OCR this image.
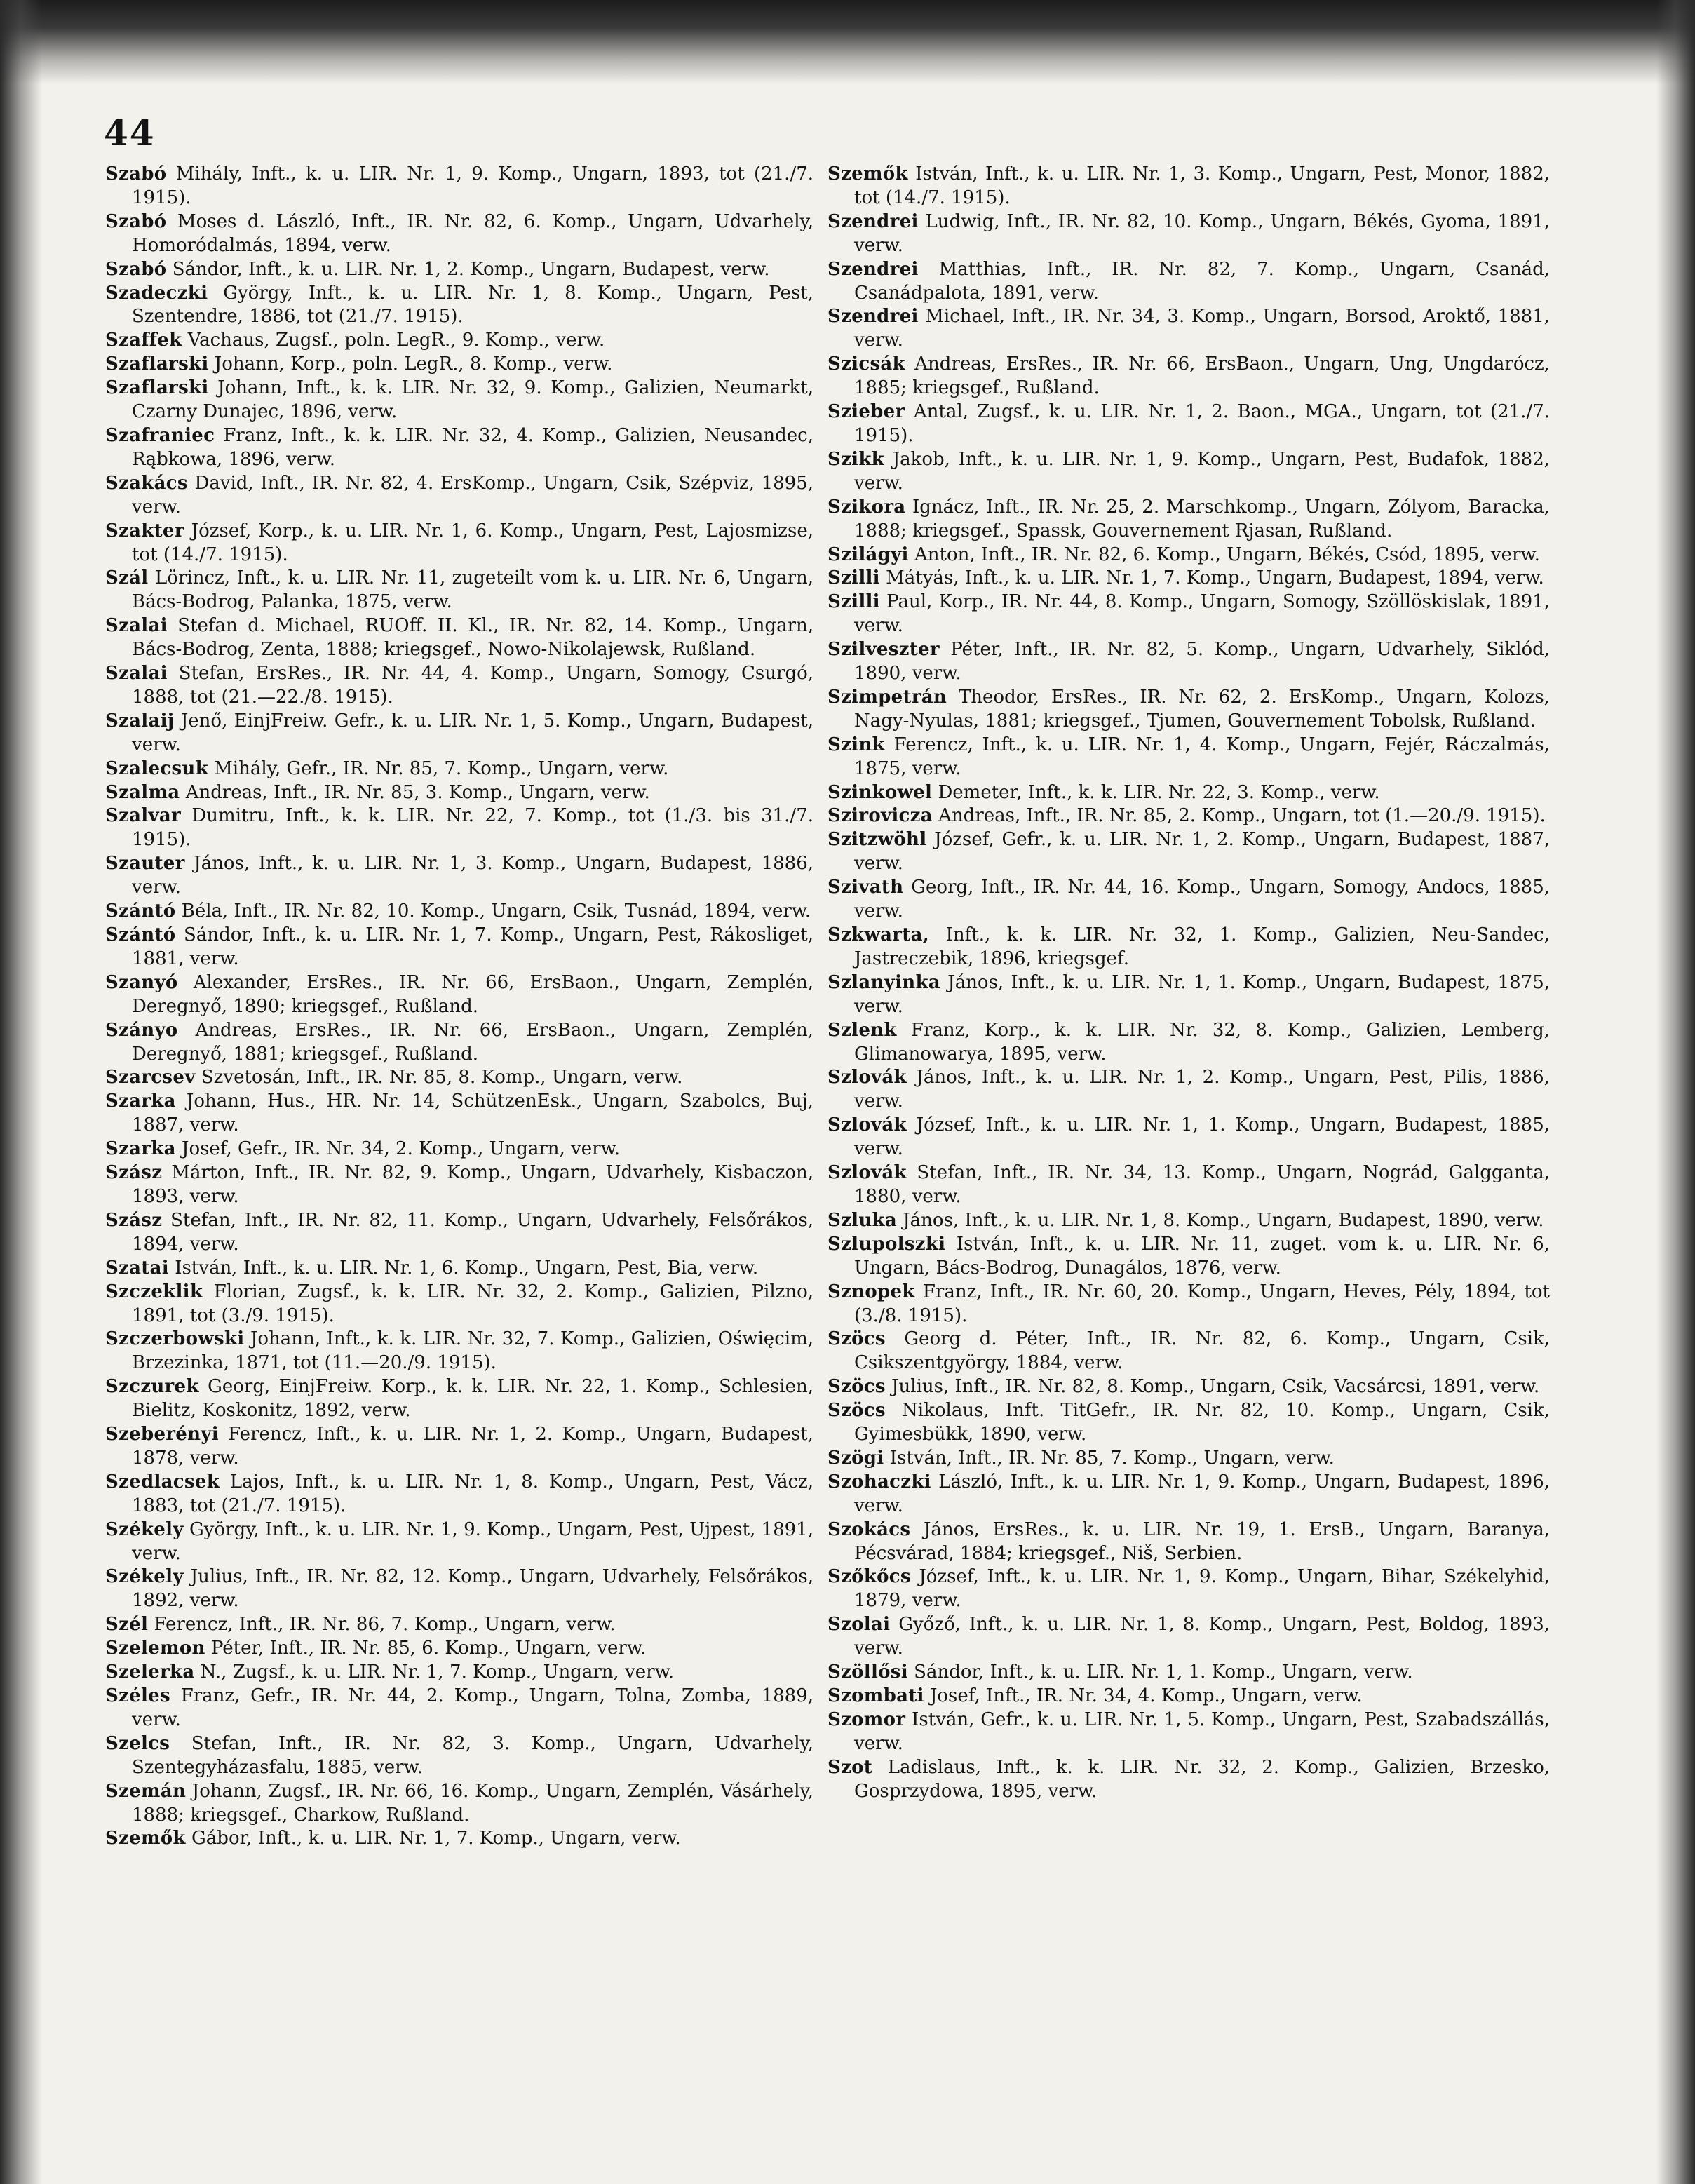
44

Szabó Mihály, Inft., k. u. LIR. Nr. 1, 9. Komp., Ungarn, 1893, tot (21./7. 1915).

Szabó Moses d. László, Inft., IR. Nr. 82, 6. Komp., Ungarn, Udvarhely, Homoródalmás, 1894, verw.

Szabó Sándor, Inft., k. u. LIR. Nr. 1, 2. Komp., Ungarn, Budapest, verw.

Szadeczki György, Inft., k. u. LIR. Nr. 1, 8. Komp., Ungarn, Pest, Szentendre, 1886, tot (21./7. 1915).

Szaffek Vachaus, Zugsf., poln. LegR., 9. Komp., verw.

Szaflarski Johann, Korp., poln. LegR., 8. Komp., verw.

Szaflarski Johann, Inft., k. k. LIR. Nr. 32, 9. Komp., Galizien, Neumarkt, Czarny Dunajec, 1896, verw.

Szafraniec Franz, Inft., k. k. LIR. Nr. 32, 4. Komp., Galizien, Neusandec, Rąbkowa, 1896, verw.

Szakács David, Inft., IR. Nr. 82, 4. ErsKomp., Ungarn, Csik, Szépviz, 1895, verw.

Szakter József, Korp., k. u. LIR. Nr. 1, 6. Komp., Ungarn, Pest, Lajosmizse, tot (14./7. 1915).

Szál Lörincz, Inft., k. u. LIR. Nr. 11, zugeteilt vom k. u. LIR. Nr. 6, Ungarn, Bács-Bodrog, Palanka, 1875, verw.

Szalai Stefan d. Michael, RUOff. II. Kl., IR. Nr. 82, 14. Komp., Ungarn, Bács-Bodrog, Zenta, 1888; kriegsgef., Nowo-Nikolajewsk, Rußland.

Szalai Stefan, ErsRes., IR. Nr. 44, 4. Komp., Ungarn, Somogy, Csurgó, 1888, tot (21.—22./8. 1915).

Szalaij Jenő, EinjFreiw. Gefr., k. u. LIR. Nr. 1, 5. Komp., Ungarn, Budapest, verw.

Szalecsuk Mihály, Gefr., IR. Nr. 85, 7. Komp., Ungarn, verw.

Szalma Andreas, Inft., IR. Nr. 85, 3. Komp., Ungarn, verw.

Szalvar Dumitru, Inft., k. k. LIR. Nr. 22, 7. Komp., tot (1./3. bis 31./7. 1915).

Szauter János, Inft., k. u. LIR. Nr. 1, 3. Komp., Ungarn, Budapest, 1886, verw.

Szántó Béla, Inft., IR. Nr. 82, 10. Komp., Ungarn, Csik, Tusnád, 1894, verw.

Szántó Sándor, Inft., k. u. LIR. Nr. 1, 7. Komp., Ungarn, Pest, Rákosliget, 1881, verw.

Szanyó Alexander, ErsRes., IR. Nr. 66, ErsBaon., Ungarn, Zemplén, Deregnyő, 1890; kriegsgef., Rußland.

Szányo Andreas, ErsRes., IR. Nr. 66, ErsBaon., Ungarn, Zemplén, Deregnyő, 1881; kriegsgef., Rußland.

Szarcsev Szvetosán, Inft., IR. Nr. 85, 8. Komp., Ungarn, verw.

Szarka Johann, Hus., HR. Nr. 14, SchützenEsk., Ungarn, Szabolcs, Buj, 1887, verw.

Szarka Josef, Gefr., IR. Nr. 34, 2. Komp., Ungarn, verw.

Szász Márton, Inft., IR. Nr. 82, 9. Komp., Ungarn, Udvarhely, Kisbaczon, 1893, verw.

Szász Stefan, Inft., IR. Nr. 82, 11. Komp., Ungarn, Udvarhely, Felsőrákos, 1894, verw.

Szatai István, Inft., k. u. LIR. Nr. 1, 6. Komp., Ungarn, Pest, Bia, verw.

Szczeklik Florian, Zugsf., k. k. LIR. Nr. 32, 2. Komp., Galizien, Pilzno, 1891, tot (3./9. 1915).

Szczerbowski Johann, Inft., k. k. LIR. Nr. 32, 7. Komp., Galizien, Oświęcim, Brzezinka, 1871, tot (11.—20./9. 1915).

Szczurek Georg, EinjFreiw. Korp., k. k. LIR. Nr. 22, 1. Komp., Schlesien, Bielitz, Koskonitz, 1892, verw.

Szeberényi Ferencz, Inft., k. u. LIR. Nr. 1, 2. Komp., Ungarn, Budapest, 1878, verw.

Szedlacsek Lajos, Inft., k. u. LIR. Nr. 1, 8. Komp., Ungarn, Pest, Vácz, 1883, tot (21./7. 1915).

Székely György, Inft., k. u. LIR. Nr. 1, 9. Komp., Ungarn, Pest, Ujpest, 1891, verw.

Székely Julius, Inft., IR. Nr. 82, 12. Komp., Ungarn, Udvarhely, Felsőrákos, 1892, verw.

Szél Ferencz, Inft., IR. Nr. 86, 7. Komp., Ungarn, verw.

Szelemon Péter, Inft., IR. Nr. 85, 6. Komp., Ungarn, verw.

Szelerka N., Zugsf., k. u. LIR. Nr. 1, 7. Komp., Ungarn, verw.

Széles Franz, Gefr., IR. Nr. 44, 2. Komp., Ungarn, Tolna, Zomba, 1889, verw.

Szelcs Stefan, Inft., IR. Nr. 82, 3. Komp., Ungarn, Udvarhely, Szentegyházasfalu, 1885, verw.

Szemán Johann, Zugsf., IR. Nr. 66, 16. Komp., Ungarn, Zemplén, Vásárhely, 1888; kriegsgef., Charkow, Rußland.

Szemők Gábor, Inft., k. u. LIR. Nr. 1, 7. Komp., Ungarn, verw.

Szemők István, Inft., k. u. LIR. Nr. 1, 3. Komp., Ungarn, Pest, Monor, 1882, tot (14./7. 1915).

Szendrei Ludwig, Inft., IR. Nr. 82, 10. Komp., Ungarn, Békés, Gyoma, 1891, verw.

Szendrei Matthias, Inft., IR. Nr. 82, 7. Komp., Ungarn, Csanád, Csanádpalota, 1891, verw.

Szendrei Michael, Inft., IR. Nr. 34, 3. Komp., Ungarn, Borsod, Aroktő, 1881, verw.

Szicsák Andreas, ErsRes., IR. Nr. 66, ErsBaon., Ungarn, Ung, Ungdarócz, 1885; kriegsgef., Rußland.

Szieber Antal, Zugsf., k. u. LIR. Nr. 1, 2. Baon., MGA., Ungarn, tot (21./7. 1915).

Szikk Jakob, Inft., k. u. LIR. Nr. 1, 9. Komp., Ungarn, Pest, Budafok, 1882, verw.

Szikora Ignácz, Inft., IR. Nr. 25, 2. Marschkomp., Ungarn, Zólyom, Baracka, 1888; kriegsgef., Spassk, Gouvernement Rjasan, Rußland.

Szilágyi Anton, Inft., IR. Nr. 82, 6. Komp., Ungarn, Békés, Csód, 1895, verw.

Szilli Mátyás, Inft., k. u. LIR. Nr. 1, 7. Komp., Ungarn, Budapest, 1894, verw.

Szilli Paul, Korp., IR. Nr. 44, 8. Komp., Ungarn, Somogy, Szöllöskislak, 1891, verw.

Szilveszter Péter, Inft., IR. Nr. 82, 5. Komp., Ungarn, Udvarhely, Siklód, 1890, verw.

Szimpetrán Theodor, ErsRes., IR. Nr. 62, 2. ErsKomp., Ungarn, Kolozs, Nagy-Nyulas, 1881; kriegsgef., Tjumen, Gouvernement Tobolsk, Rußland.

Szink Ferencz, Inft., k. u. LIR. Nr. 1, 4. Komp., Ungarn, Fejér, Ráczalmás, 1875, verw.

Szinkowel Demeter, Inft., k. k. LIR. Nr. 22, 3. Komp., verw.

Szirovicza Andreas, Inft., IR. Nr. 85, 2. Komp., Ungarn, tot (1.—20./9. 1915).

Szitzwöhl József, Gefr., k. u. LIR. Nr. 1, 2. Komp., Ungarn, Budapest, 1887, verw.

Szivath Georg, Inft., IR. Nr. 44, 16. Komp., Ungarn, Somogy, Andocs, 1885, verw.

Szkwarta, Inft., k. k. LIR. Nr. 32, 1. Komp., Galizien, Neu-Sandec, Jastreczebik, 1896, kriegsgef.

Szlanyinka János, Inft., k. u. LIR. Nr. 1, 1. Komp., Ungarn, Budapest, 1875, verw.

Szlenk Franz, Korp., k. k. LIR. Nr. 32, 8. Komp., Galizien, Lemberg, Glimanowarya, 1895, verw.

Szlovák János, Inft., k. u. LIR. Nr. 1, 2. Komp., Ungarn, Pest, Pilis, 1886, verw.

Szlovák József, Inft., k. u. LIR. Nr. 1, 1. Komp., Ungarn, Budapest, 1885, verw.

Szlovák Stefan, Inft., IR. Nr. 34, 13. Komp., Ungarn, Nográd, Galgganta, 1880, verw.

Szluka János, Inft., k. u. LIR. Nr. 1, 8. Komp., Ungarn, Budapest, 1890, verw.

Szlupolszki István, Inft., k. u. LIR. Nr. 11, zuget. vom k. u. LIR. Nr. 6, Ungarn, Bács-Bodrog, Dunagálos, 1876, verw.

Sznopek Franz, Inft., IR. Nr. 60, 20. Komp., Ungarn, Heves, Pély, 1894, tot (3./8. 1915).

Szöcs Georg d. Péter, Inft., IR. Nr. 82, 6. Komp., Ungarn, Csik, Csikszentgyörgy, 1884, verw.

Szöcs Julius, Inft., IR. Nr. 82, 8. Komp., Ungarn, Csik, Vacsárcsi, 1891, verw.

Szöcs Nikolaus, Inft. TitGefr., IR. Nr. 82, 10. Komp., Ungarn, Csik, Gyimesbükk, 1890, verw.

Szögi István, Inft., IR. Nr. 85, 7. Komp., Ungarn, verw.

Szohaczki László, Inft., k. u. LIR. Nr. 1, 9. Komp., Ungarn, Budapest, 1896, verw.

Szokács János, ErsRes., k. u. LIR. Nr. 19, 1. ErsB., Ungarn, Baranya, Pécsvárad, 1884; kriegsgef., Niš, Serbien.

Szőkőcs József, Inft., k. u. LIR. Nr. 1, 9. Komp., Ungarn, Bihar, Székelyhid, 1879, verw.

Szolai Győző, Inft., k. u. LIR. Nr. 1, 8. Komp., Ungarn, Pest, Boldog, 1893, verw.

Szöllősi Sándor, Inft., k. u. LIR. Nr. 1, 1. Komp., Ungarn, verw.

Szombati Josef, Inft., IR. Nr. 34, 4. Komp., Ungarn, verw.

Szomor István, Gefr., k. u. LIR. Nr. 1, 5. Komp., Ungarn, Pest, Szabadszállás, verw.

Szot Ladislaus, Inft., k. k. LIR. Nr. 32, 2. Komp., Galizien, Brzesko, Gosprzydowa, 1895, verw.
